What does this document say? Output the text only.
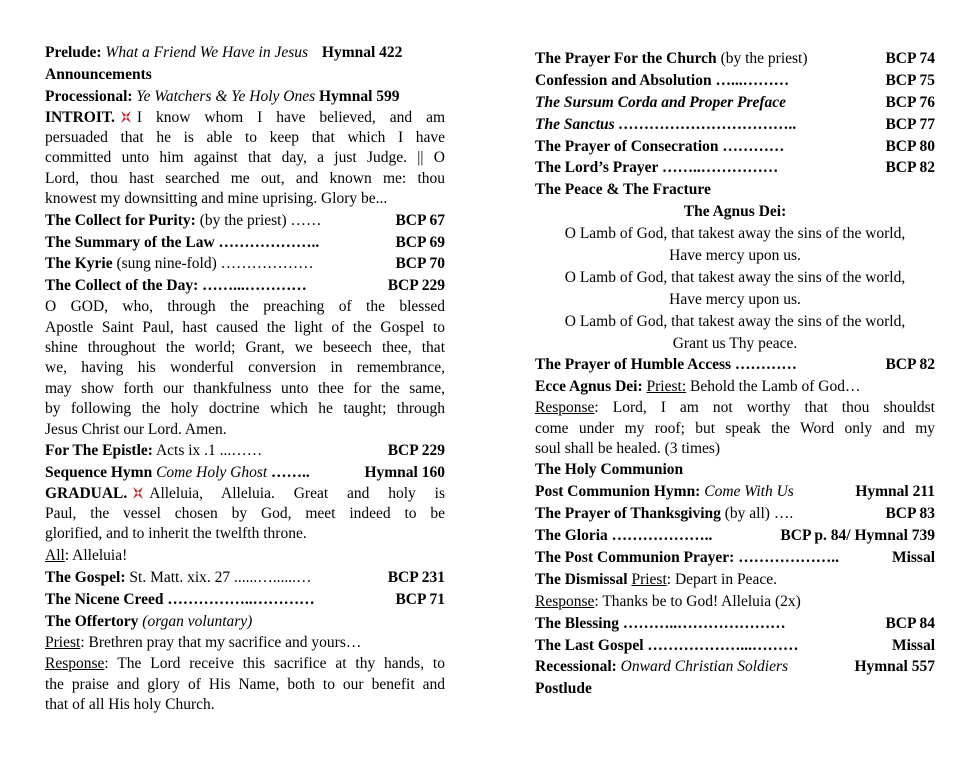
Prelude: What a Friend We Have in Jesus Hymnal 422
Announcements
Processional: Ye Watchers & Ye Holy Ones Hymnal 599
INTROIT. I know whom I have believed, and am
persuaded that he is able to keep that which I have
committed unto him against that day, a just Judge. || O
Lord, thou hast searched me out, and known me: thou
knowest my downsitting and mine uprising. Glory be...
The Collect for Purity: (by the priest) ……	BCP 67
The Summary of the Law ………………..	BCP 69
The Kyrie (sung nine-fold) ………………	BCP 70
The Collect of the Day: ……...…………	BCP 229
O GOD, who, through the preaching of the blessed
Apostle Saint Paul, hast caused the light of the Gospel to
shine throughout the world; Grant, we beseech thee, that
we, having his wonderful conversion in remembrance,
may show forth our thankfulness unto thee for the same,
by following the holy doctrine which he taught; through
Jesus Christ our Lord. Amen.
For The Epistle: Acts ix .1 ...……	BCP 229
Sequence Hymn Come Holy Ghost ……..	Hymnal 160
GRADUAL. Alleluia, Alleluia. Great and holy is
Paul, the vessel chosen by God, meet indeed to be
glorified, and to inherit the twelfth throne.
All: Alleluia!
The Gospel: St. Matt. xix. 27 ......…......…	BCP 231
The Nicene Creed ……………..…………	BCP 71
The Offertory (organ voluntary)
Priest: Brethren pray that my sacrifice and yours…
Response: The Lord receive this sacrifice at thy hands, to
the praise and glory of His Name, both to our benefit and
that of all His holy Church.
The Prayer For the Church (by the priest)	BCP 74
Confession and Absolution …...………	BCP 75
The Sursum Corda and Proper Preface	BCP 76
The Sanctus ……………………………..	BCP 77
The Prayer of Consecration …………	BCP 80
The Lord’s Prayer ……..……………	BCP 82
The Peace & The Fracture
The Agnus Dei:
O Lamb of God, that takest away the sins of the world,
Have mercy upon us.
O Lamb of God, that takest away the sins of the world,
Have mercy upon us.
O Lamb of God, that takest away the sins of the world,
Grant us Thy peace.
The Prayer of Humble Access …………	BCP 82
Ecce Agnus Dei: Priest: Behold the Lamb of God…
Response: Lord, I am not worthy that thou shouldst
come under my roof; but speak the Word only and my
soul shall be healed. (3 times)
The Holy Communion
Post Communion Hymn: Come With Us	Hymnal 211
The Prayer of Thanksgiving (by all) ….	BCP 83
The Gloria ………………..	BCP p. 84/ Hymnal 739
The Post Communion Prayer: ………………..	Missal
The Dismissal Priest: Depart in Peace.
Response: Thanks be to God! Alleluia (2x)
The Blessing ………..…………………	BCP 84
The Last Gospel ………………...………	Missal
Recessional: Onward Christian Soldiers	Hymnal 557
Postlude
